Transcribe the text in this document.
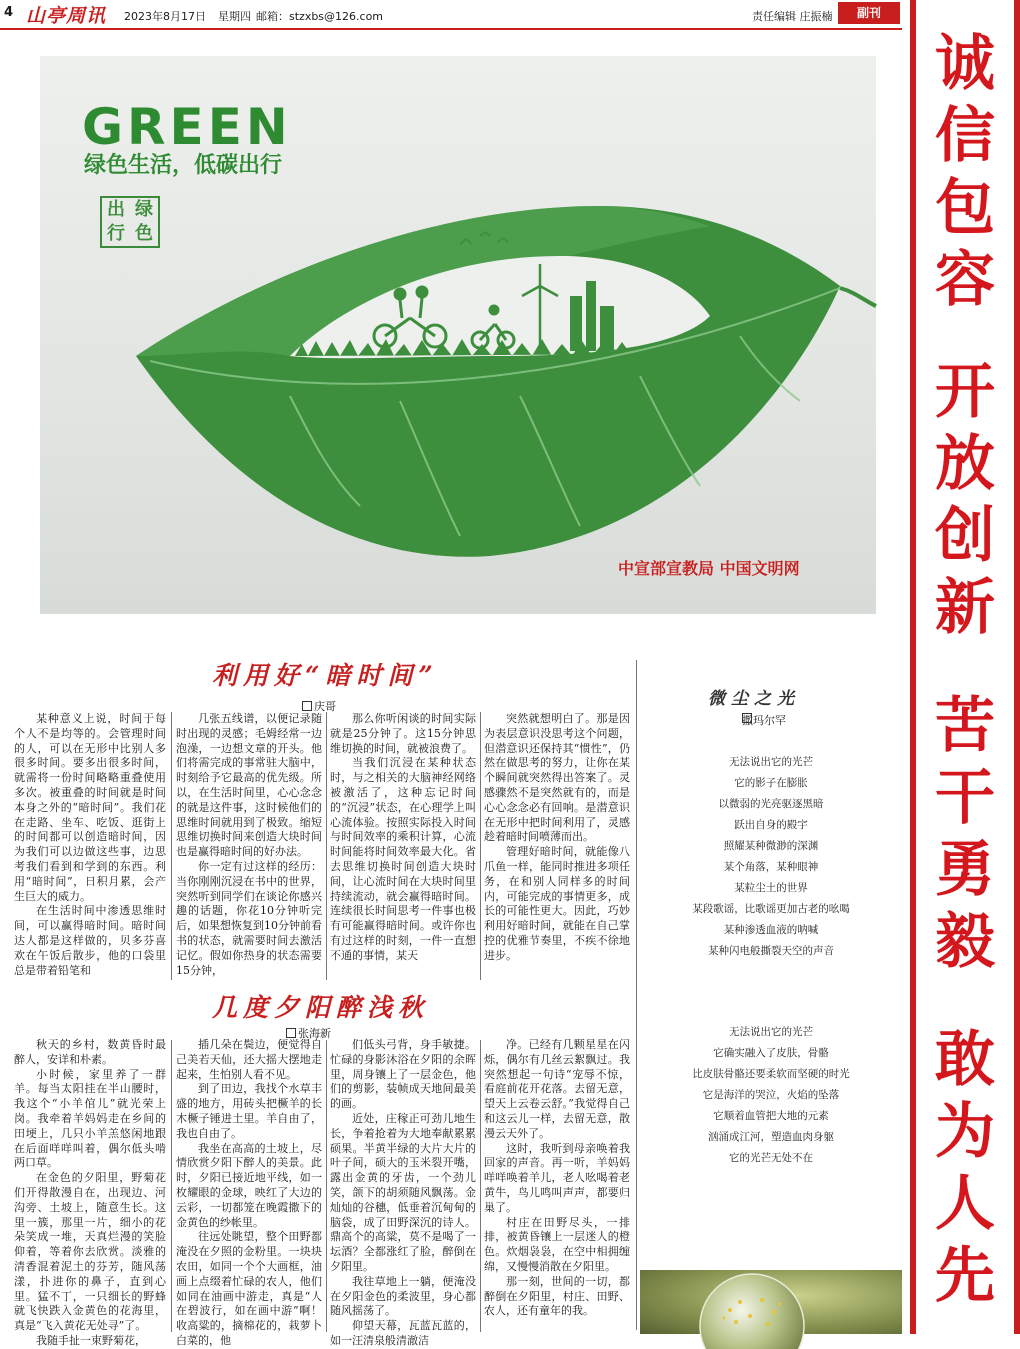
4 山亭周讯 2023年8月17日 星期四 邮箱：stzxbs@126.com	责任编辑 庄振楠	副刊
诚
信
包
容
开
放
创
新
苦
干
勇
毅
敢
为
人
先
GREEN
绿色生活，低碳出行
出 绿
行 色
中宣部宣教局 中国文明网
利用好“暗时间”
庆哥

某种意义上说，时间于每个人不是均等的。会管理时间的人，可以在无形中比别人多很多时间。要多出很多时间，就需将一份时间略略重叠使用多次。被重叠的时间就是时间本身之外的“暗时间”。我们花在走路、坐车、吃饭、逛街上的时间都可以创造暗时间，因为我们可以边做这些事，边思考我们看到和学到的东西。利用“暗时间”，日积月累，会产生巨大的威力。

在生活时间中渗透思维时间，可以赢得暗时间。暗时间达人都是这样做的，贝多芬喜欢在午饭后散步，他的口袋里总是带着铅笔和

几张五线谱，以便记录随时出现的灵感；毛姆经常一边泡澡，一边想文章的开头。他们将需完成的事常驻大脑中，时刻给予它最高的优先级。所以，在生活时间里，心心念念的就是这件事，这时候他们的思维时间就用到了极致。缩短思维切换时间来创造大块时间也是赢得暗时间的好办法。

你一定有过这样的经历：当你刚刚沉浸在书中的世界，突然听到同学们在谈论你感兴趣的话题，你花10分钟听完后，如果想恢复到10分钟前看书的状态，就需要时间去激活记忆。假如你热身的状态需要15分钟，

那么你听闲谈的时间实际就是25分钟了。这15分钟思维切换的时间，就被浪费了。

当我们沉浸在某种状态时，与之相关的大脑神经网络被激活了，这种忘记时间的“沉浸”状态，在心理学上叫心流体验。按照实际投入时间与时间效率的乘积计算，心流时间能将时间效率最大化。省去思维切换时间创造大块时间，让心流时间在大块时间里持续流动，就会赢得暗时间。连续很长时间思考一件事也极有可能赢得暗时间。或许你也有过这样的时刻，一件一直想不通的事情，某天

突然就想明白了。那是因为表层意识没思考这个问题，但潜意识还保持其“惯性”，仍然在做思考的努力，让你在某个瞬间就突然得出答案了。灵感骤然不是突然就有的，而是心心念念必有回响。是潜意识在无形中把时间利用了，灵感趁着暗时间喷薄而出。

管理好暗时间，就能像八爪鱼一样，能同时推进多项任务，在和别人同样多的时间内，可能完成的事情更多，成长的可能性更大。因此，巧妙利用好暗时间，就能在自己掌控的优雅节奏里，不疾不徐地进步。

几度夕阳醉浅秋
张海新

秋天的乡村，数黄昏时最醉人，安详和朴素。

小时候，家里养了一群羊。每当太阳挂在半山腰时，我这个“小羊倌儿”就光荣上岗。我牵着羊妈妈走在乡间的田埂上，几只小羊羔悠闲地跟在后面咩咩叫着，偶尔低头啃两口草。

在金色的夕阳里，野菊花们开得散漫自在，出现边、河沟旁、土坡上，随意生长。这里一簇，那里一片，细小的花朵笑成一堆，天真烂漫的笑脸仰着，等着你去欣赏。淡雅的清香混着泥土的芬芳，随风荡漾，扑进你的鼻子，直到心里。猛不丁，一只细长的野蜂就飞快跌入金黄色的花海里，真是“飞入黄花无处寻”了。

我随手扯一束野菊花，

插几朵在鬓边，便觉得自己美若天仙，还大摇大摆地走起来，生怕别人看不见。

到了田边，我找个水草丰盛的地方，用砖头把橛羊的长木橛子锤进土里。羊自由了，我也自由了。

我坐在高高的土坡上，尽情欣赏夕阳下醉人的美景。此时，夕阳已接近地平线，如一枚耀眼的金球，映红了大边的云彩，一切都笼在晚霞撒下的金黄色的纱帐里。

往远处眺望，整个田野都淹没在夕照的金粉里。一块块农田，如同一个个大画框，油画上点缀着忙碌的农人，他们如同在油画中游走，真是“人在碧波行，如在画中游”啊！收高粱的，摘棉花的，栽萝卜白菜的，他

们低头弓背，身手敏捷。忙碌的身影沐浴在夕阳的余晖里，周身镶上了一层金色，他们的剪影，装帧成天地间最美的画。

近处，庄稼正可劲儿地生长，争着抢着为大地奉献累累硕果。半黄半绿的大片大片的叶子间，硕大的玉米裂开嘴，露出金黄的牙齿，一个劲儿笑，颌下的胡须随风飘荡。金灿灿的谷穗，低垂着沉甸甸的脑袋，成了田野深沉的诗人。鼎高个的高粱，莫不是喝了一坛酒？全都涨红了脸，醉倒在夕阳里。

我往草地上一躺，便淹没在夕阳金色的柔波里，身心都随风摇荡了。

仰望天幕，瓦蓝瓦蓝的，如一汪清泉般清澈洁

净。已经有几颗星星在闪烁，偶尔有几丝云絮飘过。我突然想起一句诗“宠辱不惊，看庭前花开花落。去留无意，望天上云卷云舒。”我觉得自己和这云儿一样，去留无意，散漫云天外了。

这时，我听到母亲唤着我回家的声音。再一听，羊妈妈咩咩唤着羊儿，老人吆喝着老黄牛，鸟儿鸣叫声声，都要归巢了。

村庄在田野尽头，一排排，被黄昏镶上一层迷人的橙色。炊烟袅袅，在空中相拥缠绵，又慢慢消散在夕阳里。

那一刻，世间的一切，都醉倒在夕阳里，村庄、田野、农人，还有童年的我。

微尘之光
撒玛尔罕
无法说出它的光芒
它的影子在膨胀
以微弱的光亮驱逐黑暗
跃出自身的殿宇
照耀某种微渺的深渊
某个角落，某种眼神
某粒尘土的世界
某段歌谣，比歌谣更加古老的吆喝
某种渗透血液的呐喊
某种闪电般撕裂天空的声音
无法说出它的光芒
它确实融入了皮肤，骨骼
比皮肤骨骼还要柔软而坚硬的时光
它是海洋的哭泣，火焰的坠落
它顺着血管把大地的元素
汹涌成江河，塑造血肉身躯
它的光芒无处不在
